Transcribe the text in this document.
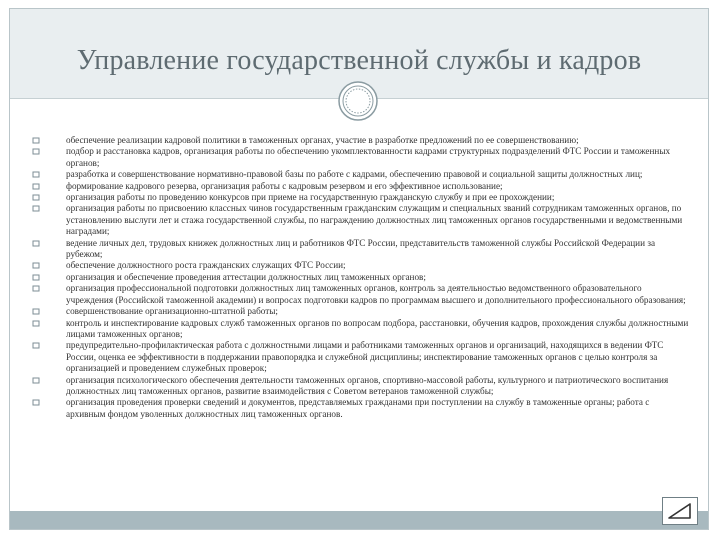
Управление государственной службы и кадров
обеспечение реализации кадровой политики в таможенных органах, участие в разработке предложений по ее совершенствованию;
подбор и расстановка кадров, организация работы по обеспечению укомплектованности кадрами структурных подразделений ФТС России и таможенных органов;
разработка и совершенствование нормативно-правовой базы по работе с кадрами, обеспечению правовой и социальной защиты должностных лиц;
формирование кадрового резерва, организация работы с кадровым резервом и его эффективное использование;
организация работы по проведению конкурсов при приеме на государственную гражданскую службу и при ее прохождении;
организация работы по присвоению классных чинов государственным гражданским служащим и специальных званий сотрудникам таможенных органов, по установлению выслуги лет и стажа государственной службы, по награждению должностных лиц таможенных органов государственными и ведомственными наградами;
ведение личных дел, трудовых книжек должностных лиц и работников ФТС России, представительств таможенной службы Российской Федерации за рубежом;
обеспечение должностного роста гражданских служащих ФТС России;
организация и обеспечение проведения аттестации должностных лиц таможенных органов;
организация профессиональной подготовки должностных лиц таможенных органов, контроль за деятельностью ведомственного образовательного учреждения (Российской таможенной академии) и вопросах подготовки кадров по программам высшего и дополнительного профессионального образования;
совершенствование организационно-штатной работы;
контроль и инспектирование кадровых служб таможенных органов по вопросам подбора, расстановки, обучения кадров, прохождения службы должностными лицами таможенных органов;
предупредительно-профилактическая работа с должностными лицами и работниками таможенных органов и организаций, находящихся в ведении ФТС России, оценка ее эффективности в поддержании правопорядка и служебной дисциплины; инспектирование таможенных органов с целью контроля за организацией и проведением служебных проверок;
организация психологического обеспечения деятельности таможенных органов, спортивно-массовой работы, культурного и патриотического воспитания должностных лиц таможенных органов, развитие взаимодействия с Советом ветеранов таможенной службы;
организация проведения проверки сведений и документов, представляемых гражданами при поступлении на службу в таможенные органы; работа с архивным фондом уволенных должностных лиц таможенных органов.
